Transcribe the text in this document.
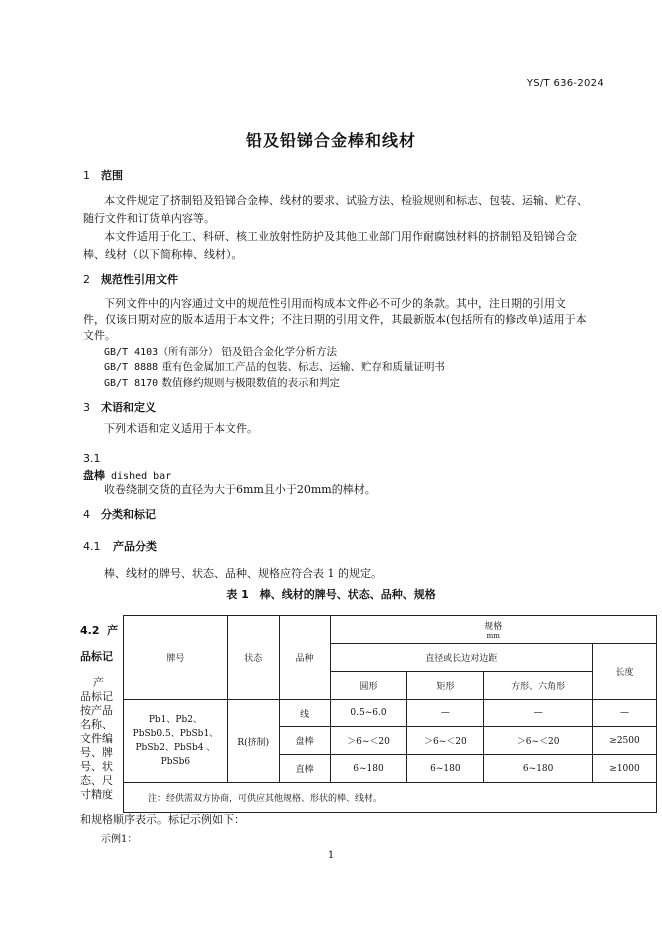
YS/T 636-2024
铅及铅锑合金棒和线材
1 范围
本文件规定了挤制铅及铅锑合金棒、线材的要求、试验方法、检验规则和标志、包装、运输、贮存、
随行文件和订货单内容等。
本文件适用于化工、科研、核工业放射性防护及其他工业部门用作耐腐蚀材料的挤制铅及铅锑合金
棒、线材（以下简称棒、线材）。
2 规范性引用文件
下列文件中的内容通过文中的规范性引用而构成本文件必不可少的条款。其中，注日期的引用文
件，仅该日期对应的版本适用于本文件；不注日期的引用文件，其最新版本(包括所有的修改单)适用于本
文件。
GB/T 4103（所有部分） 铅及铅合金化学分析方法
GB/T 8888 重有色金属加工产品的包装、标志、运输、贮存和质量证明书
GB/T 8170 数值修约规则与极限数值的表示和判定
3 术语和定义
下列术语和定义适用于本文件。
3.1
盘棒 dished bar
收卷绕制交货的直径为大于6mm且小于20mm的棒材。
4 分类和标记
4.1 产品分类
棒、线材的牌号、状态、品种、规格应符合表 1 的规定。
表 1　棒、线材的牌号、状态、品种、规格
4.2 产
品标记
产
品标记
按产品
名称、
文件编
号、牌
号、状
态、尺
寸精度
和规格顺序表示。标记示例如下：
示例1：
牌号	状态	品种	规格
mm			

			直径或长边对边距			长度
			圆形	矩形	方形、六角形	
Pb1、Pb2、PbSb0.5、PbSb1、PbSb2、PbSb4 、PbSb6	R(挤制)	线	0.5~6.0	—	—	—
		盘棒	＞6~＜20	＞6~＜20	＞6~＜20	≥2500
		直棒	6~180	6~180	6~180	≥1000
注：经供需双方协商，可供应其他规格、形状的棒、线材。						
1
